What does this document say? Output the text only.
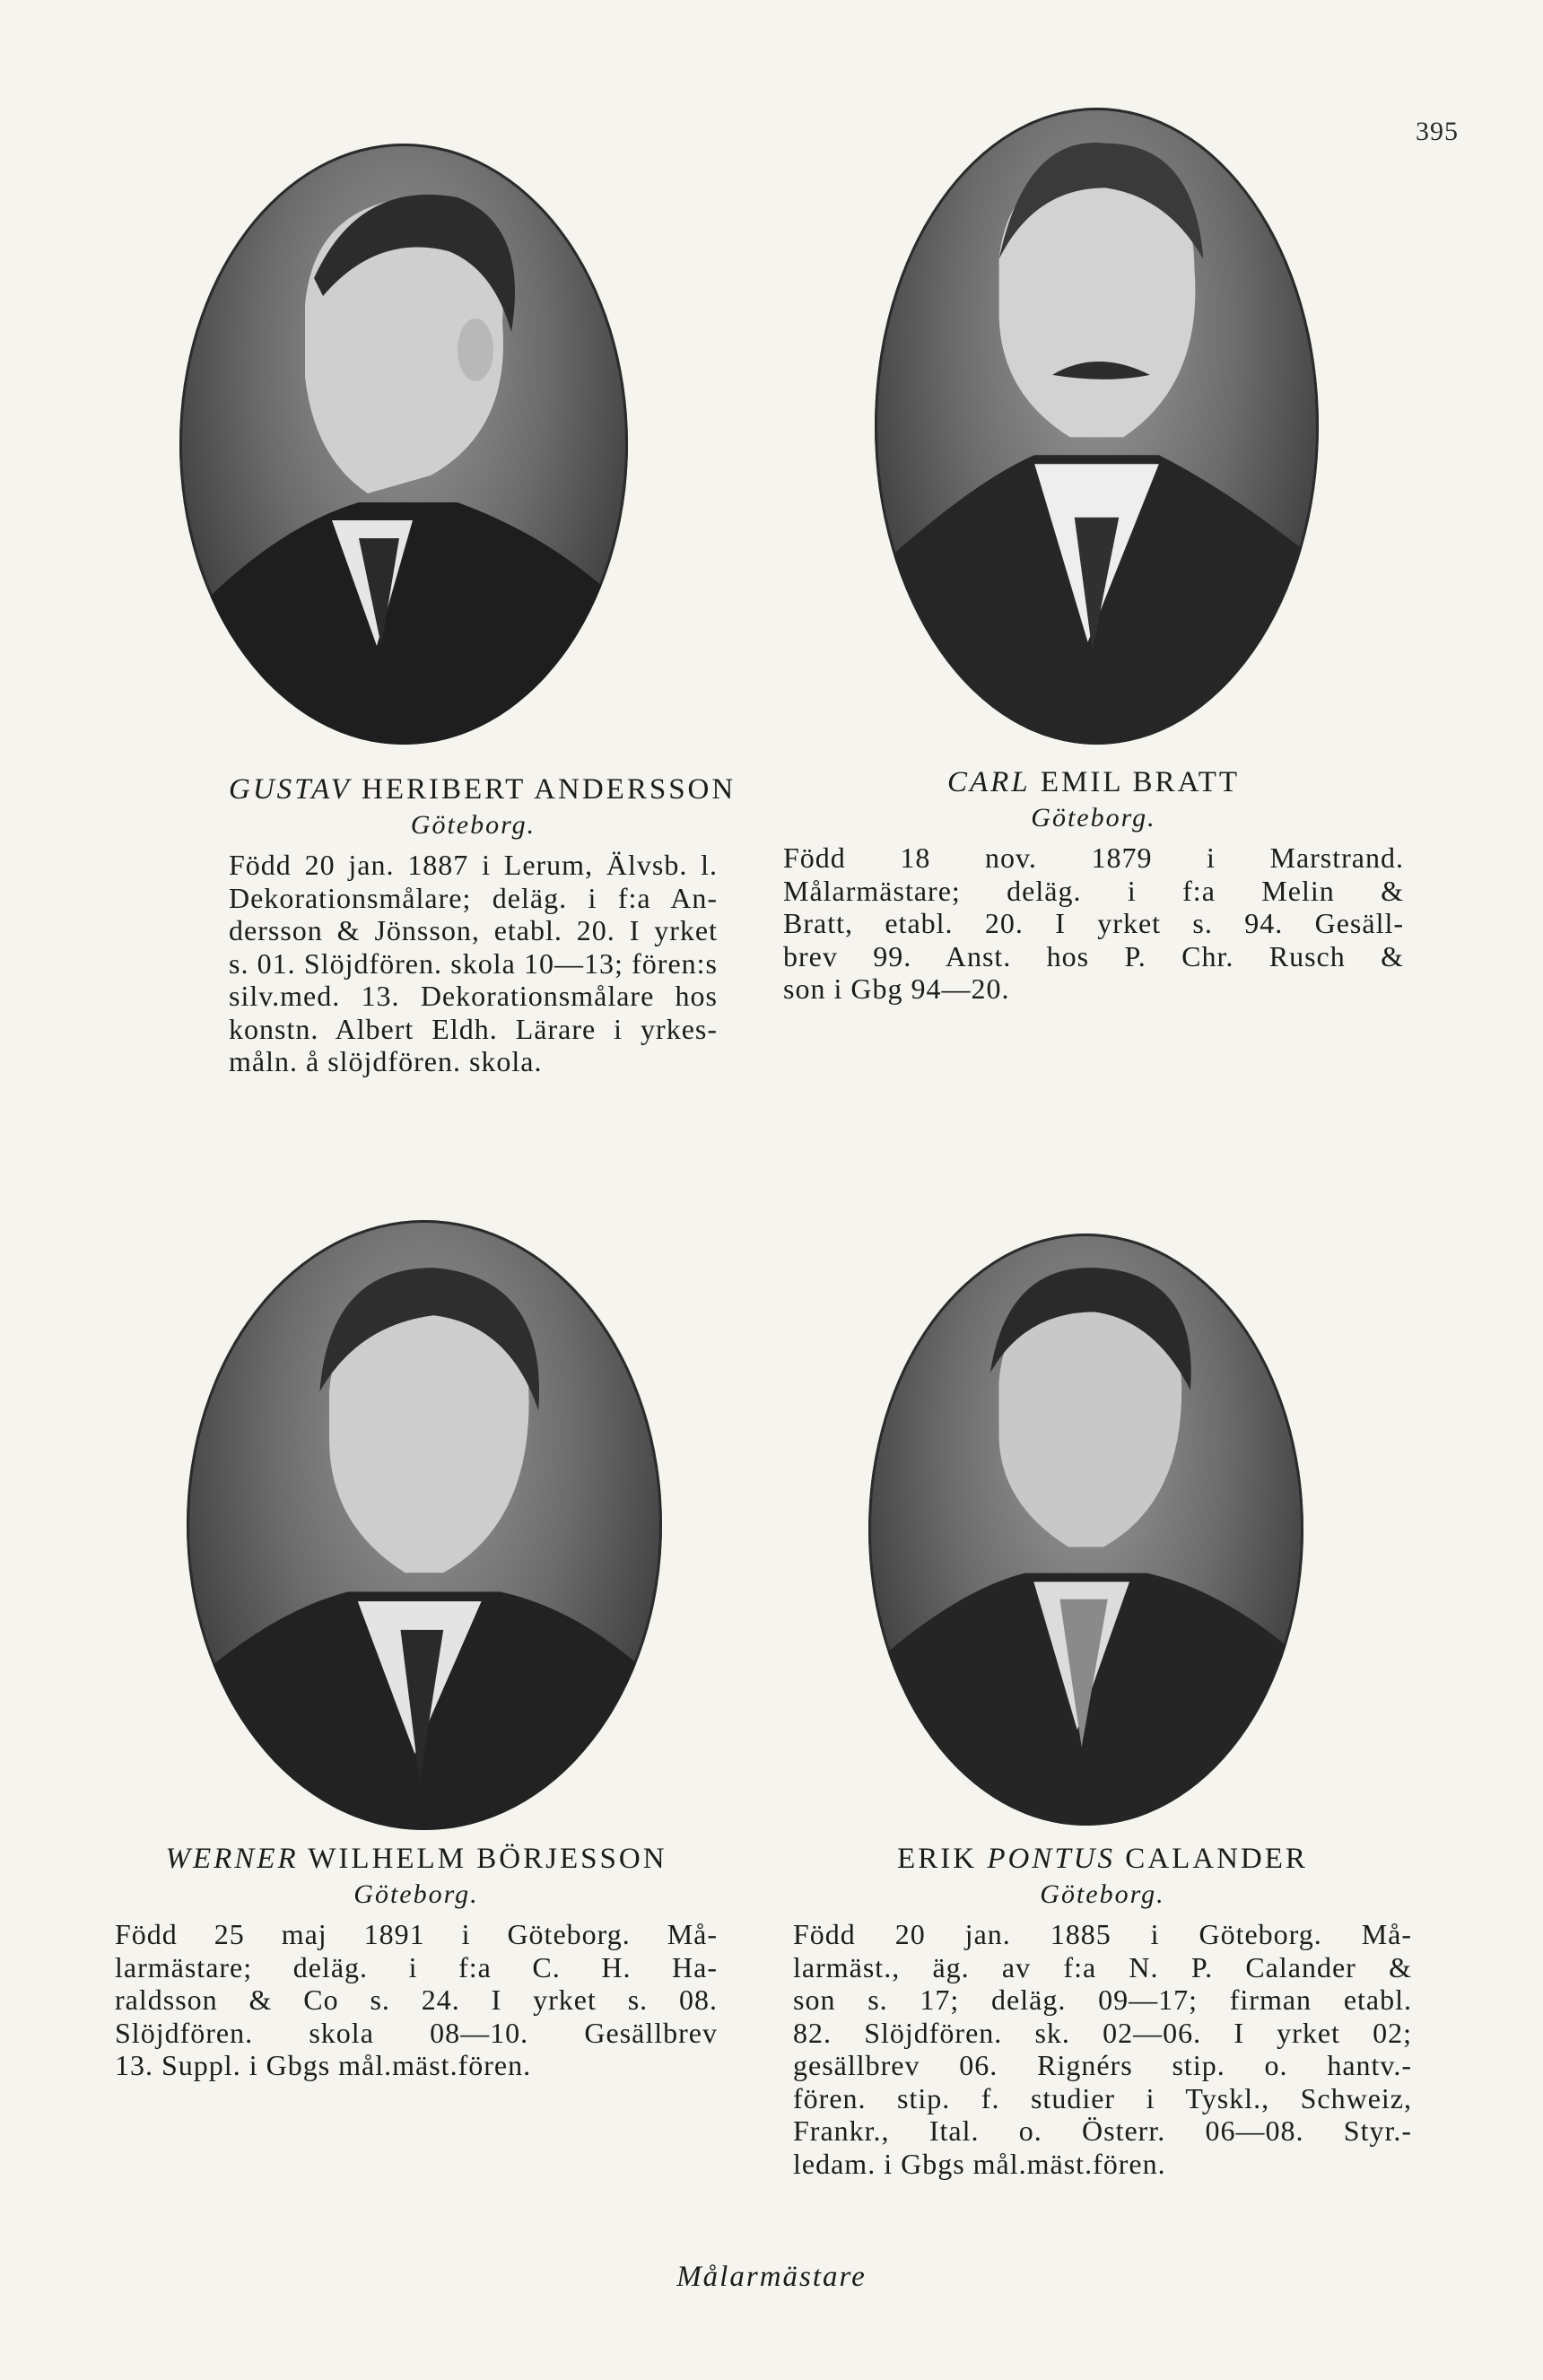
395
GUSTAV HERIBERT ANDERSSON
Göteborg.
Född 20 jan. 1887 i Lerum, Älvsb. l.
Dekorationsmålare; deläg. i f:a An-
dersson & Jönsson, etabl. 20. I yrket
s. 01. Slöjdfören. skola 10—13; fören:s
silv.med. 13. Dekorationsmålare hos
konstn. Albert Eldh. Lärare i yrkes-
måln. å slöjdfören. skola.
CARL EMIL BRATT
Göteborg.
Född 18 nov. 1879 i Marstrand.
Målarmästare; deläg. i f:a Melin &
Bratt, etabl. 20. I yrket s. 94. Gesäll-
brev 99. Anst. hos P. Chr. Rusch &
son i Gbg 94—20.
WERNER WILHELM BÖRJESSON
Göteborg.
Född 25 maj 1891 i Göteborg. Må-
larmästare; deläg. i f:a C. H. Ha-
raldsson & Co s. 24. I yrket s. 08.
Slöjdfören. skola 08—10. Gesällbrev
13. Suppl. i Gbgs mål.mäst.fören.
ERIK PONTUS CALANDER
Göteborg.
Född 20 jan. 1885 i Göteborg. Må-
larmäst., äg. av f:a N. P. Calander &
son s. 17; deläg. 09—17; firman etabl.
82. Slöjdfören. sk. 02—06. I yrket 02;
gesällbrev 06. Rignérs stip. o. hantv.-
fören. stip. f. studier i Tyskl., Schweiz,
Frankr., Ital. o. Österr. 06—08. Styr.-
ledam. i Gbgs mål.mäst.fören.
Målarmästare
